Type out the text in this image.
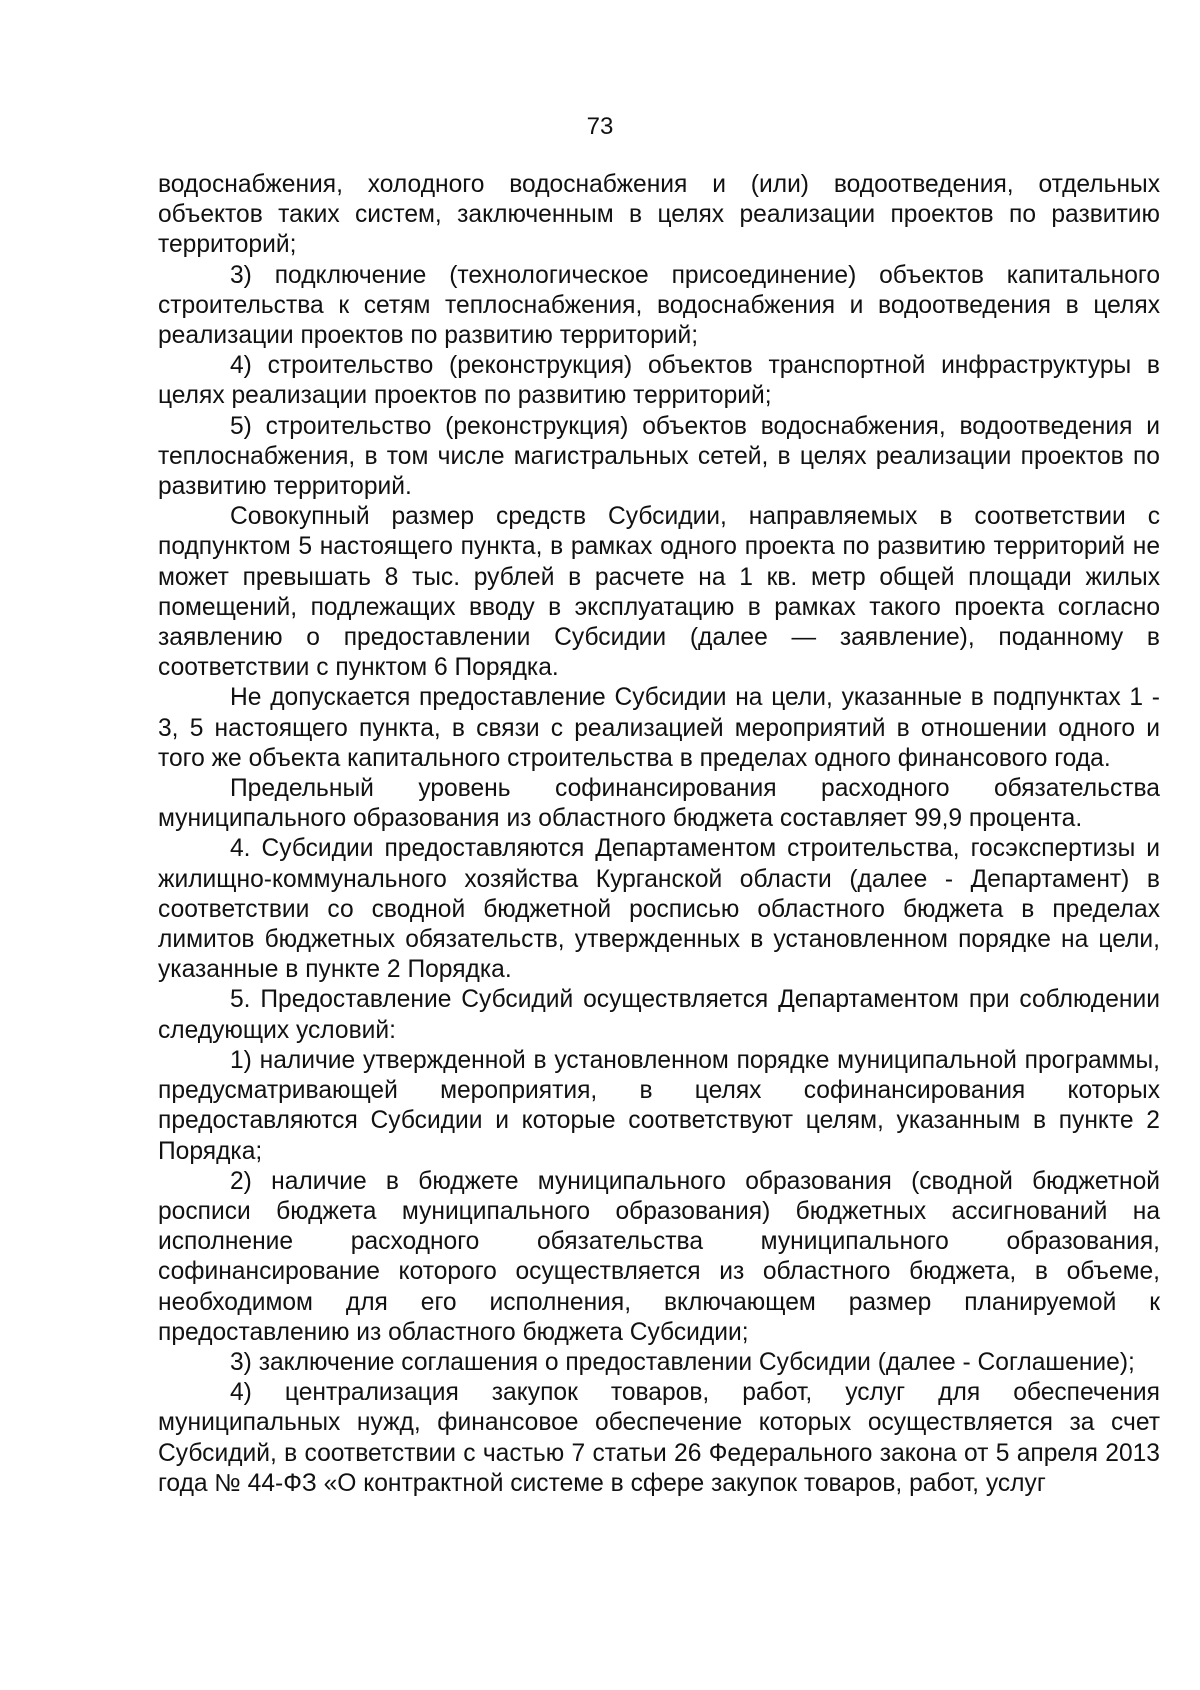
73

водоснабжения, холодного водоснабжения и (или) водоотведения, отдельных объектов таких систем, заключенным в целях реализации проектов по развитию территорий;

3) подключение (технологическое присоединение) объектов капитального строительства к сетям теплоснабжения, водоснабжения и водоотведения в целях реализации проектов по развитию территорий;

4) строительство (реконструкция) объектов транспортной инфраструктуры в целях реализации проектов по развитию территорий;

5) строительство (реконструкция) объектов водоснабжения, водоотведения и теплоснабжения, в том числе магистральных сетей, в целях реализации проектов по развитию территорий.

Совокупный размер средств Субсидии, направляемых в соответствии с подпунктом 5 настоящего пункта, в рамках одного проекта по развитию территорий не может превышать 8 тыс. рублей в расчете на 1 кв. метр общей площади жилых помещений, подлежащих вводу в эксплуатацию в рамках такого проекта согласно заявлению о предоставлении Субсидии (далее — заявление), поданному в соответствии с пунктом 6 Порядка.

Не допускается предоставление Субсидии на цели, указанные в подпунктах 1 - 3, 5 настоящего пункта, в связи с реализацией мероприятий в отношении одного и того же объекта капитального строительства в пределах одного финансового года.

Предельный уровень софинансирования расходного обязательства муниципального образования из областного бюджета составляет 99,9 процента.

4. Субсидии предоставляются Департаментом строительства, госэкспертизы и жилищно-коммунального хозяйства Курганской области (далее - Департамент) в соответствии со сводной бюджетной росписью областного бюджета в пределах лимитов бюджетных обязательств, утвержденных в установленном порядке на цели, указанные в пункте 2 Порядка.

5. Предоставление Субсидий осуществляется Департаментом при соблюдении следующих условий:

1) наличие утвержденной в установленном порядке муниципальной программы, предусматривающей мероприятия, в целях софинансирования которых предоставляются Субсидии и которые соответствуют целям, указанным в пункте 2 Порядка;

2) наличие в бюджете муниципального образования (сводной бюджетной росписи бюджета муниципального образования) бюджетных ассигнований на исполнение расходного обязательства муниципального образования, софинансирование которого осуществляется из областного бюджета, в объеме, необходимом для его исполнения, включающем размер планируемой к предоставлению из областного бюджета Субсидии;

3) заключение соглашения о предоставлении Субсидии (далее - Соглашение);

4) централизация закупок товаров, работ, услуг для обеспечения муниципальных нужд, финансовое обеспечение которых осуществляется за счет Субсидий, в соответствии с частью 7 статьи 26 Федерального закона от 5 апреля 2013 года № 44-ФЗ «О контрактной системе в сфере закупок товаров, работ, услуг
